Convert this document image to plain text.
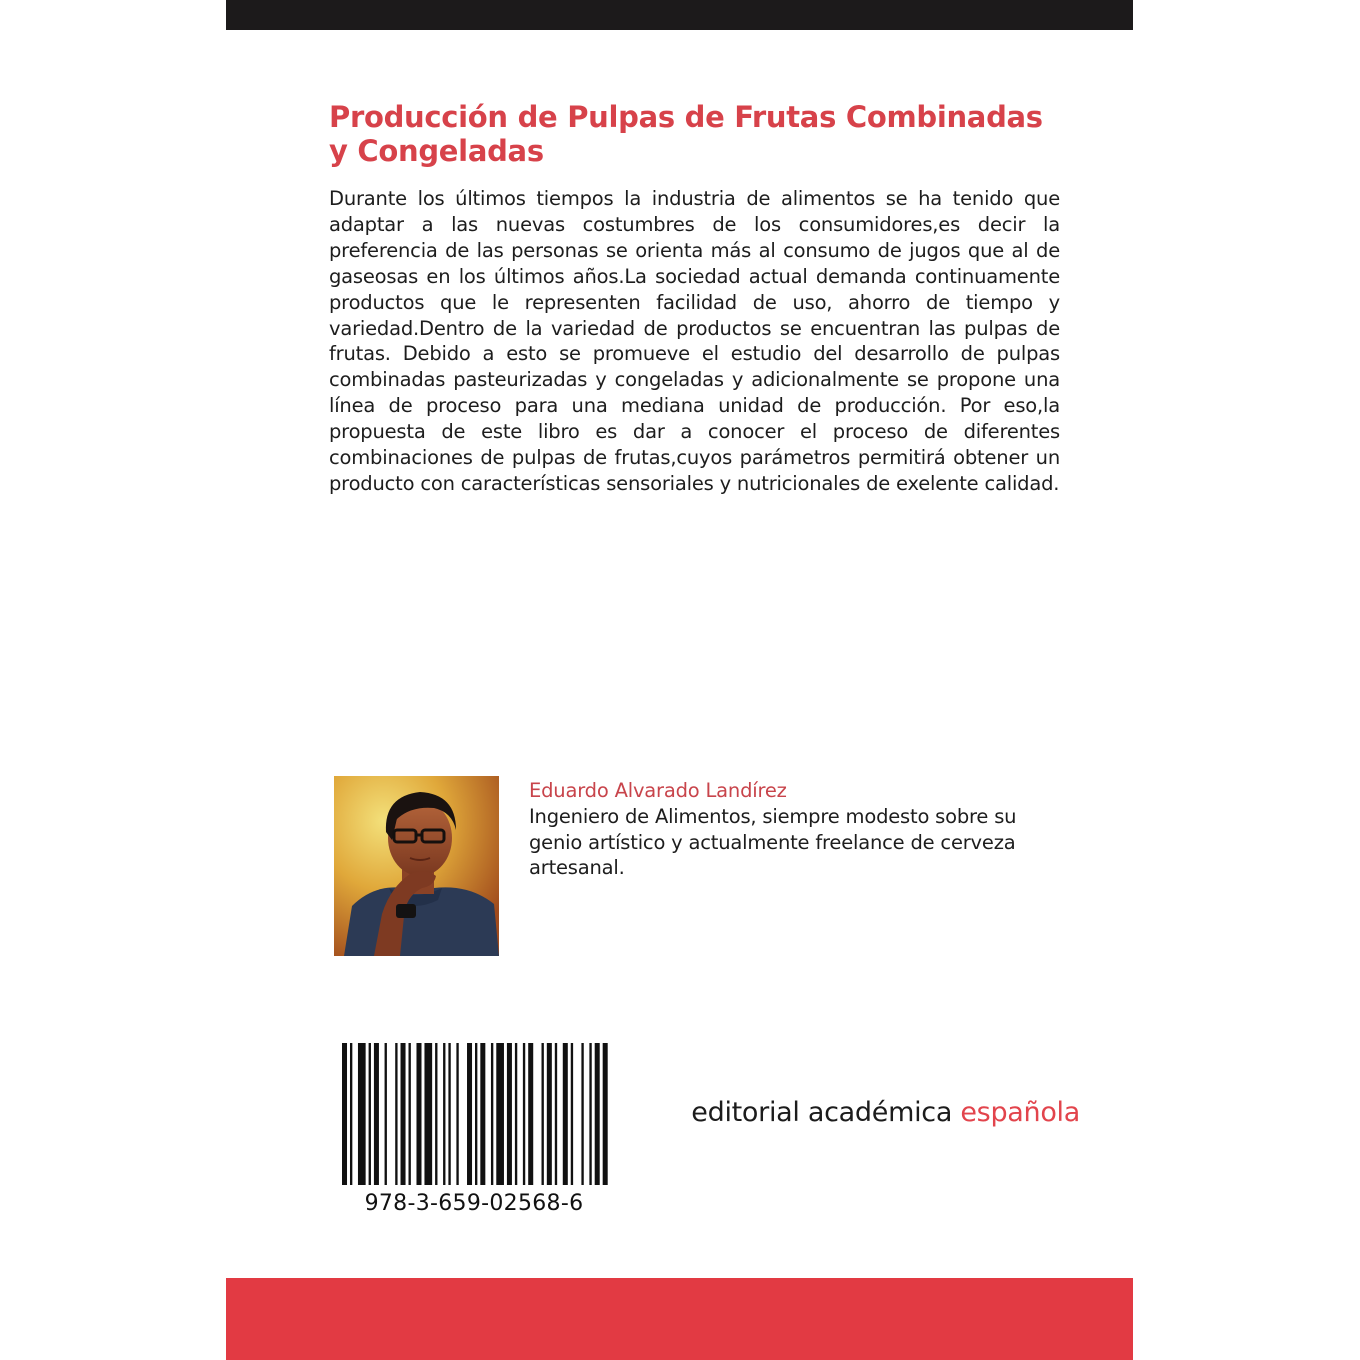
Producción de Pulpas de Frutas Combinadas y Congeladas

Durante los últimos tiempos la industria de alimentos se ha tenido que adaptar a las nuevas costumbres de los consumidores,es decir la preferencia de las personas se orienta más al consumo de jugos que al de gaseosas en los últimos años.La sociedad actual demanda continuamente productos que le representen facilidad de uso, ahorro de tiempo y variedad.Dentro de la variedad de productos se encuentran las pulpas de frutas. Debido a esto se promueve el estudio del desarrollo de pulpas combinadas pasteurizadas y congeladas y adicionalmente se propone una línea de proceso para una mediana unidad de producción. Por eso,la propuesta de este libro es dar a conocer el proceso de diferentes combinaciones de pulpas de frutas,cuyos parámetros permitirá obtener un producto con características sensoriales y nutricionales de exelente calidad.

Eduardo Alvarado Landírez

Ingeniero de Alimentos, siempre modesto sobre su genio artístico y actualmente freelance de cerveza artesanal.

978-3-659-02568-6
editorial académica española
